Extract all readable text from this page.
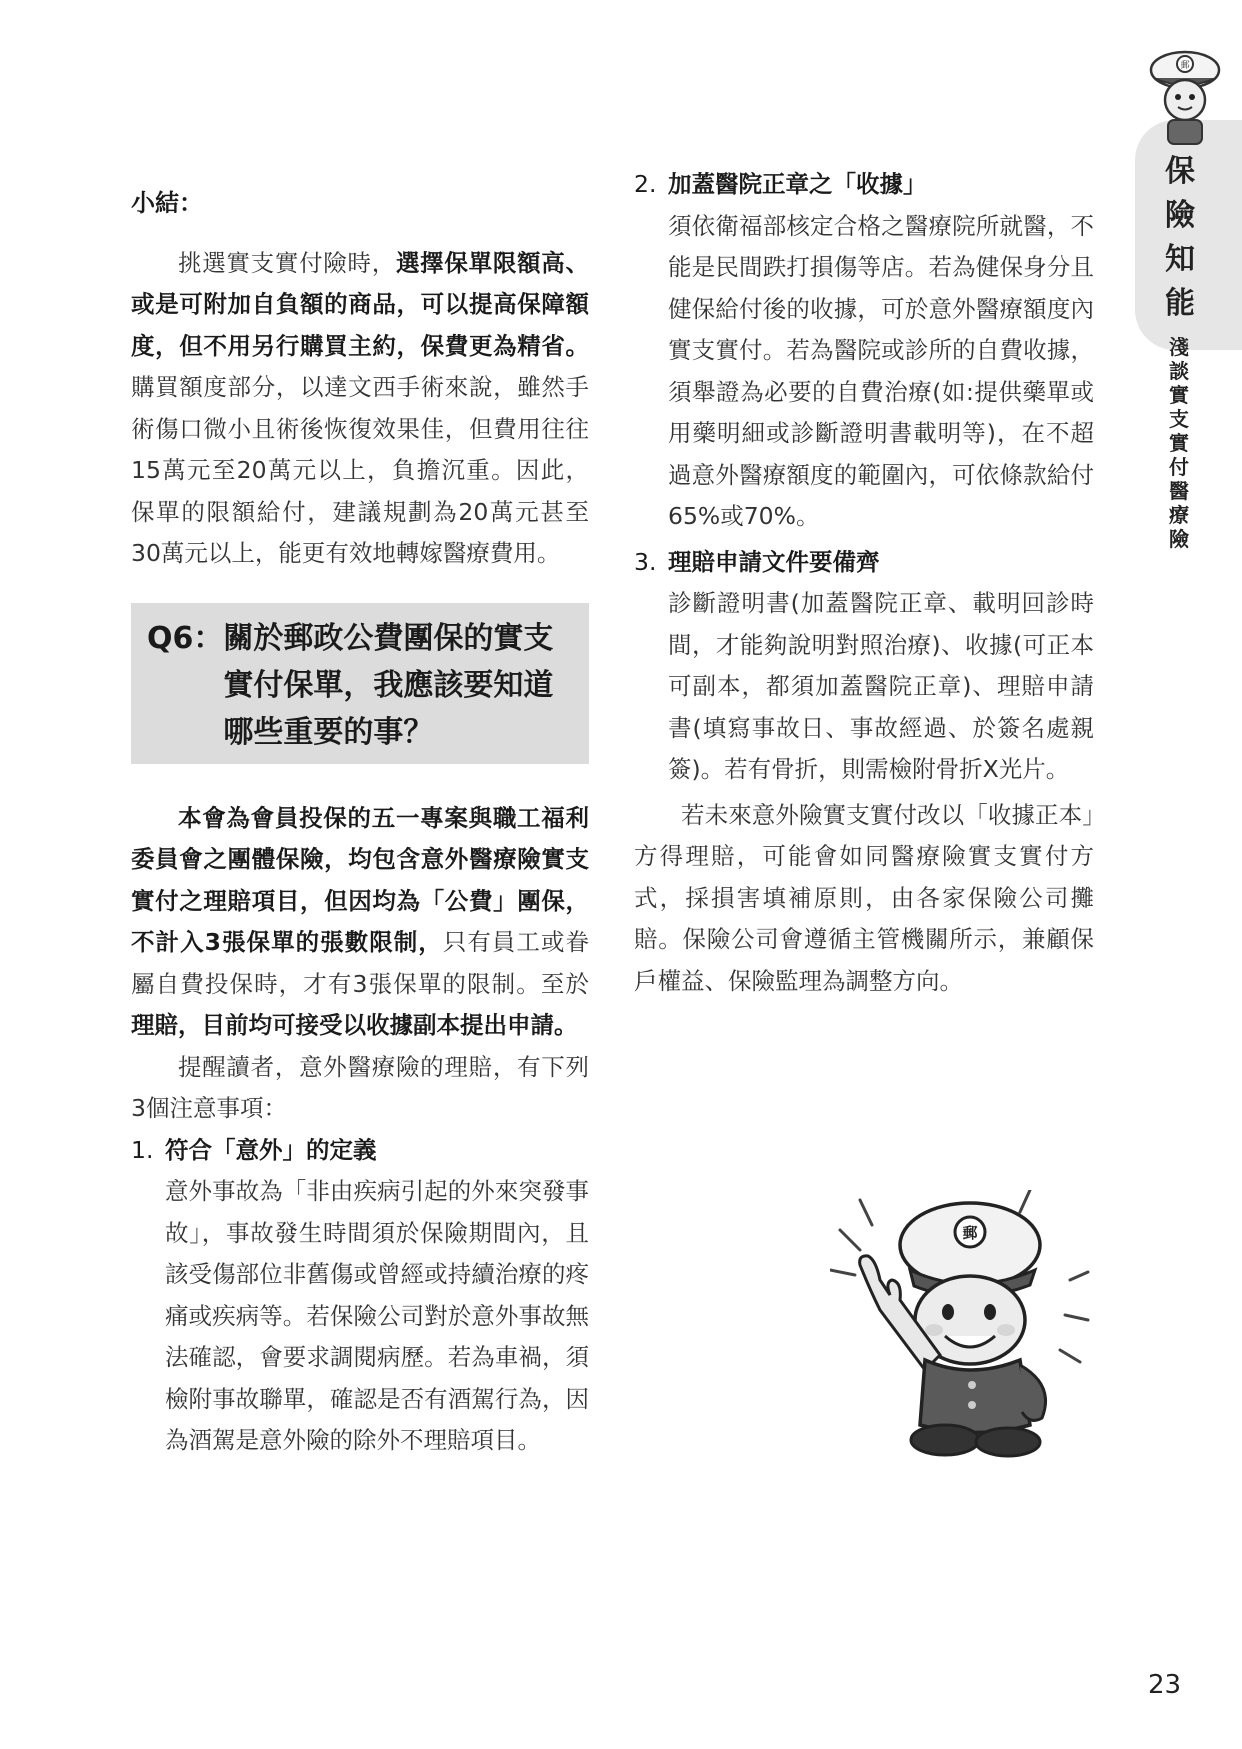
保
險
知
能
淺
談
實
支
實
付
醫
療
險
郵

小結：

挑選實支實付險時，選擇保單限額高、或是可附加自負額的商品，可以提高保障額度，但不用另行購買主約，保費更為精省。購買額度部分，以達文西手術來說，雖然手術傷口微小且術後恢復效果佳，但費用往往15萬元至20萬元以上，負擔沉重。因此，保單的限額給付，建議規劃為20萬元甚至30萬元以上，能更有效地轉嫁醫療費用。

Q6： 關於郵政公費團保的實支實付保單，我應該要知道哪些重要的事？

本會為會員投保的五一專案與職工福利委員會之團體保險，均包含意外醫療險實支實付之理賠項目，但因均為「公費」團保，不計入3張保單的張數限制，只有員工或眷屬自費投保時，才有3張保單的限制。至於理賠，目前均可接受以收據副本提出申請。

提醒讀者，意外醫療險的理賠，有下列3個注意事項：

1. 符合「意外」的定義

意外事故為「非由疾病引起的外來突發事故」，事故發生時間須於保險期間內，且該受傷部位非舊傷或曾經或持續治療的疼痛或疾病等。若保險公司對於意外事故無法確認，會要求調閱病歷。若為車禍，須檢附事故聯單，確認是否有酒駕行為，因為酒駕是意外險的除外不理賠項目。

2. 加蓋醫院正章之「收據」

須依衛福部核定合格之醫療院所就醫，不能是民間跌打損傷等店。若為健保身分且健保給付後的收據，可於意外醫療額度內實支實付。若為醫院或診所的自費收據，須舉證為必要的自費治療(如:提供藥單或用藥明細或診斷證明書載明等)，在不超過意外醫療額度的範圍內，可依條款給付65%或70%。

3. 理賠申請文件要備齊

診斷證明書(加蓋醫院正章、載明回診時間，才能夠說明對照治療)、收據(可正本可副本，都須加蓋醫院正章)、理賠申請書(填寫事故日、事故經過、於簽名處親簽)。若有骨折，則需檢附骨折X光片。

若未來意外險實支實付改以「收據正本」方得理賠，可能會如同醫療險實支實付方式，採損害填補原則，由各家保險公司攤賠。保險公司會遵循主管機關所示，兼顧保戶權益、保險監理為調整方向。

郵
23
